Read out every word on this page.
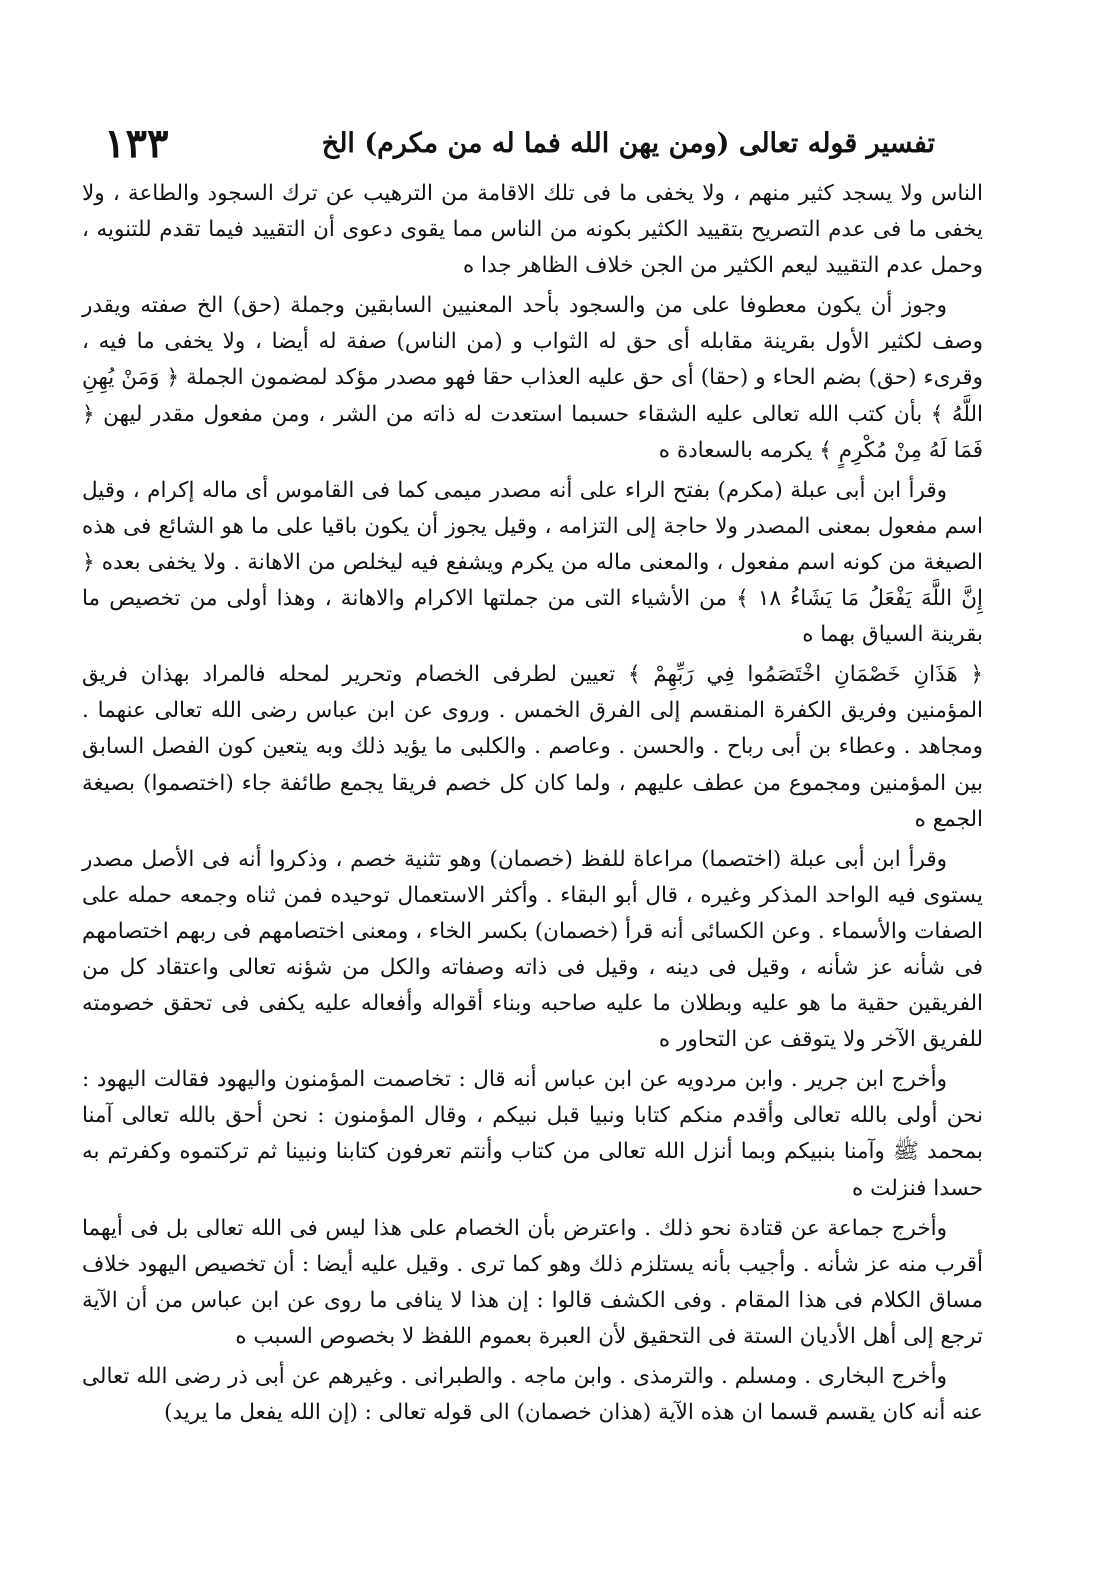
تفسير قوله تعالى (ومن يهن الله فما له من مكرم) الخ
١٣٣

الناس ولا يسجد كثير منهم ، ولا يخفى ما فى تلك الاقامة من الترهيب عن ترك السجود والطاعة ، ولا يخفى ما فى عدم التصريح بتقييد الكثير بكونه من الناس مما يقوى دعوى أن التقييد فيما تقدم للتنويه ، وحمل عدم التقييد ليعم الكثير من الجن خلاف الظاهر جدا ه

وجوز أن يكون معطوفا على من والسجود بأحد المعنيين السابقين وجملة (حق) الخ صفته ويقدر وصف لكثير الأول بقرينة مقابله أى حق له الثواب و (من الناس) صفة له أيضا ، ولا يخفى ما فيه ، وقرىء (حق) بضم الحاء و (حقا) أى حق عليه العذاب حقا فهو مصدر مؤكد لمضمون الجملة ﴿ وَمَنْ يُهِنِ اللَّهُ ﴾ بأن كتب الله تعالى عليه الشقاء حسبما استعدت له ذاته من الشر ، ومن مفعول مقدر ليهن ﴿ فَمَا لَهُ مِنْ مُكْرِمٍ ﴾ يكرمه بالسعادة ه

وقرأ ابن أبى عبلة (مكرم) بفتح الراء على أنه مصدر ميمى كما فى القاموس أى ماله إكرام ، وقيل اسم مفعول بمعنى المصدر ولا حاجة إلى التزامه ، وقيل يجوز أن يكون باقيا على ما هو الشائع فى هذه الصيغة من كونه اسم مفعول ، والمعنى ماله من يكرم ويشفع فيه ليخلص من الاهانة . ولا يخفى بعده ﴿ إِنَّ اللَّهَ يَفْعَلُ مَا يَشَاءُ ١٨ ﴾ من الأشياء التى من جملتها الاكرام والاهانة ، وهذا أولى من تخصيص ما بقرينة السياق بهما ه

﴿ هَذَانِ خَصْمَانِ اخْتَصَمُوا فِي رَبِّهِمْ ﴾ تعيين لطرفى الخصام وتحرير لمحله فالمراد بهذان فريق المؤمنين وفريق الكفرة المنقسم إلى الفرق الخمس . وروى عن ابن عباس رضى الله تعالى عنهما . ومجاهد . وعطاء بن أبى رباح . والحسن . وعاصم . والكلبى ما يؤيد ذلك وبه يتعين كون الفصل السابق بين المؤمنين ومجموع من عطف عليهم ، ولما كان كل خصم فريقا يجمع طائفة جاء (اختصموا) بصيغة الجمع ه

وقرأ ابن أبى عبلة (اختصما) مراعاة للفظ (خصمان) وهو تثنية خصم ، وذكروا أنه فى الأصل مصدر يستوى فيه الواحد المذكر وغيره ، قال أبو البقاء . وأكثر الاستعمال توحيده فمن ثناه وجمعه حمله على الصفات والأسماء . وعن الكسائى أنه قرأ (خصمان) بكسر الخاء ، ومعنى اختصامهم فى ربهم اختصامهم فى شأنه عز شأنه ، وقيل فى دينه ، وقيل فى ذاته وصفاته والكل من شؤنه تعالى واعتقاد كل من الفريقين حقية ما هو عليه وبطلان ما عليه صاحبه وبناء أقواله وأفعاله عليه يكفى فى تحقق خصومته للفريق الآخر ولا يتوقف عن التحاور ه

وأخرج ابن جرير . وابن مردويه عن ابن عباس أنه قال : تخاصمت المؤمنون واليهود فقالت اليهود : نحن أولى بالله تعالى وأقدم منكم كتابا ونبيا قبل نبيكم ، وقال المؤمنون : نحن أحق بالله تعالى آمنا بمحمد ﷺ وآمنا بنبيكم وبما أنزل الله تعالى من كتاب وأنتم تعرفون كتابنا ونبينا ثم تركتموه وكفرتم به حسدا فنزلت ه

وأخرج جماعة عن قتادة نحو ذلك . واعترض بأن الخصام على هذا ليس فى الله تعالى بل فى أيهما أقرب منه عز شأنه . وأجيب بأنه يستلزم ذلك وهو كما ترى . وقيل عليه أيضا : أن تخصيص اليهود خلاف مساق الكلام فى هذا المقام . وفى الكشف قالوا : إن هذا لا ينافى ما روى عن ابن عباس من أن الآية ترجع إلى أهل الأديان الستة فى التحقيق لأن العبرة بعموم اللفظ لا بخصوص السبب ه

وأخرج البخارى . ومسلم . والترمذى . وابن ماجه . والطبرانى . وغيرهم عن أبى ذر رضى الله تعالى عنه أنه كان يقسم قسما ان هذه الآية (هذان خصمان) الى قوله تعالى : (إن الله يفعل ما يريد)
